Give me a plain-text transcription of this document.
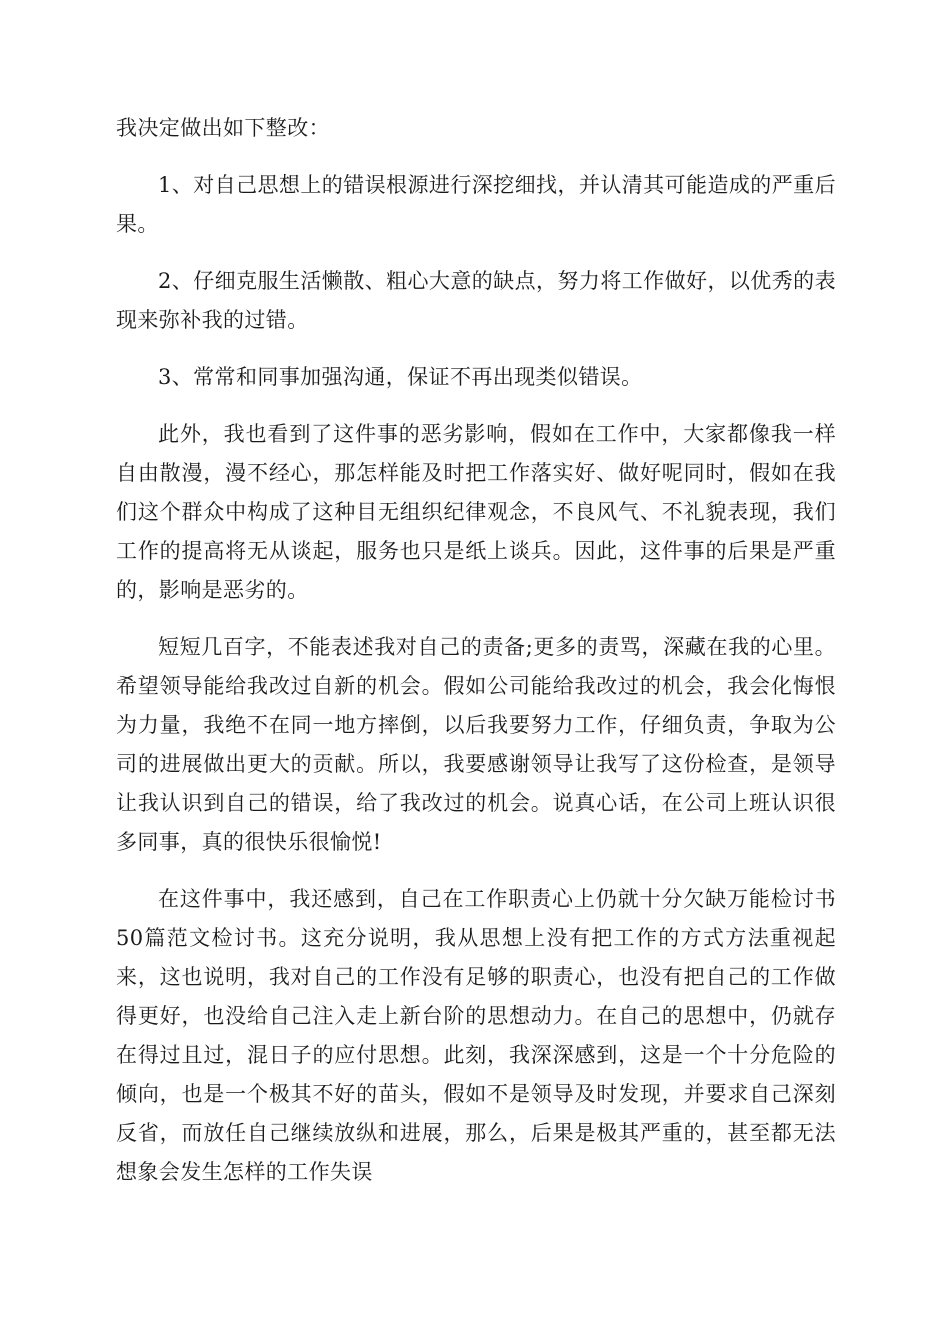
我决定做出如下整改：

1、对自己思想上的错误根源进行深挖细找，并认清其可能造成的严重后果。

2、仔细克服生活懒散、粗心大意的缺点，努力将工作做好，以优秀的表现来弥补我的过错。

3、常常和同事加强沟通，保证不再出现类似错误。

此外，我也看到了这件事的恶劣影响，假如在工作中，大家都像我一样自由散漫，漫不经心，那怎样能及时把工作落实好、做好呢同时，假如在我们这个群众中构成了这种目无组织纪律观念，不良风气、不礼貌表现，我们工作的提高将无从谈起，服务也只是纸上谈兵。因此，这件事的后果是严重的，影响是恶劣的。

短短几百字，不能表述我对自己的责备;更多的责骂，深藏在我的心里。希望领导能给我改过自新的机会。假如公司能给我改过的机会，我会化悔恨为力量，我绝不在同一地方摔倒，以后我要努力工作，仔细负责，争取为公司的进展做出更大的贡献。所以，我要感谢领导让我写了这份检查，是领导让我认识到自己的错误，给了我改过的机会。说真心话，在公司上班认识很多同事，真的很快乐很愉悦!

在这件事中，我还感到，自己在工作职责心上仍就十分欠缺万能检讨书50篇范文检讨书。这充分说明，我从思想上没有把工作的方式方法重视起来，这也说明，我对自己的工作没有足够的职责心，也没有把自己的工作做得更好，也没给自己注入走上新台阶的思想动力。在自己的思想中，仍就存在得过且过，混日子的应付思想。此刻，我深深感到，这是一个十分危险的倾向，也是一个极其不好的苗头，假如不是领导及时发现，并要求自己深刻反省，而放任自己继续放纵和进展，那么，后果是极其严重的，甚至都无法想象会发生怎样的工作失误
